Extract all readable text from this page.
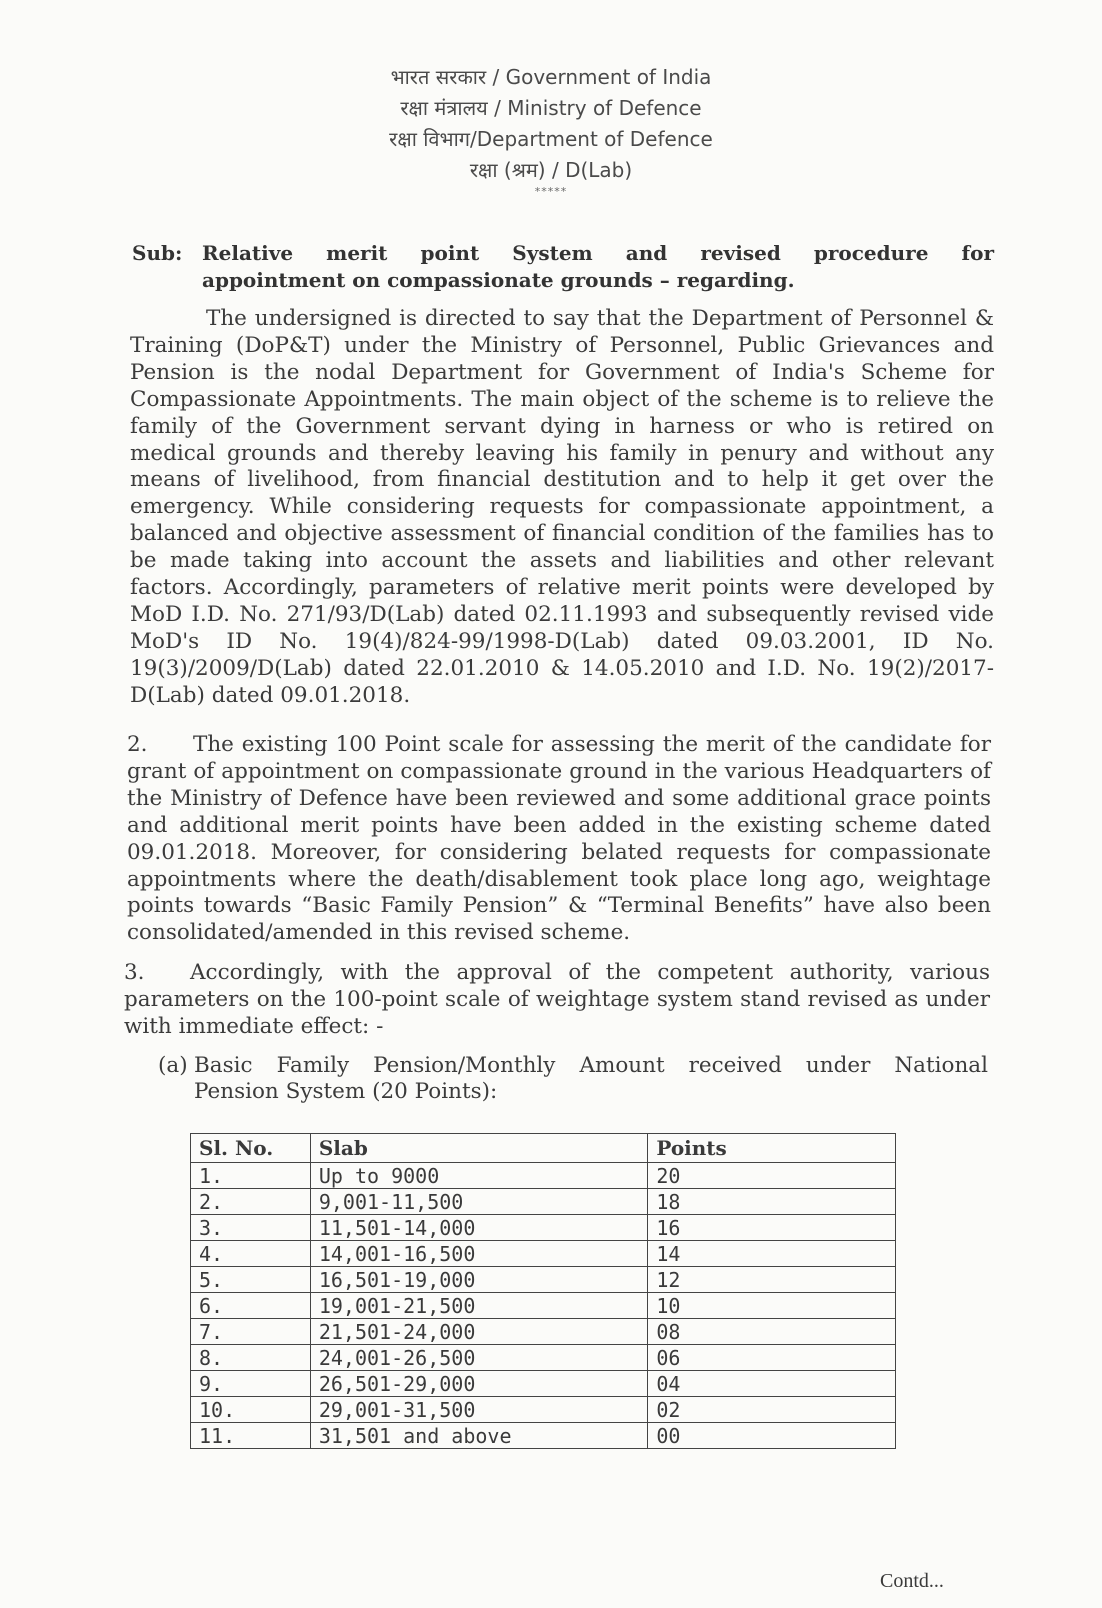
भारत सरकार / Government of India
रक्षा मंत्रालय / Ministry of Defence
रक्षा विभाग/Department of Defence
रक्षा (श्रम) / D(Lab)
*****
Sub: Relative merit point System and revised procedure for
appointment on compassionate grounds – regarding.
The undersigned is directed to say that the Department of Personnel & Training (DoP&T) under the Ministry of Personnel, Public Grievances and Pension is the nodal Department for Government of India's Scheme for Compassionate Appointments. The main object of the scheme is to relieve the family of the Government servant dying in harness or who is retired on medical grounds and thereby leaving his family in penury and without any means of livelihood, from financial destitution and to help it get over the emergency. While considering requests for compassionate appointment, a balanced and objective assessment of financial condition of the families has to be made taking into account the assets and liabilities and other relevant factors. Accordingly, parameters of relative merit points were developed by MoD I.D. No. 271/93/D(Lab) dated 02.11.1993 and subsequently revised vide MoD's ID No. 19(4)/824-99/1998-D(Lab) dated 09.03.2001, ID No. 19(3)/2009/D(Lab) dated 22.01.2010 & 14.05.2010 and I.D. No. 19(2)/2017-D(Lab) dated 09.01.2018.
2. The existing 100 Point scale for assessing the merit of the candidate for grant of appointment on compassionate ground in the various Headquarters of the Ministry of Defence have been reviewed and some additional grace points and additional merit points have been added in the existing scheme dated 09.01.2018. Moreover, for considering belated requests for compassionate appointments where the death/disablement took place long ago, weightage points towards “Basic Family Pension” & “Terminal Benefits” have also been consolidated/amended in this revised scheme.
3. Accordingly, with the approval of the competent authority, various parameters on the 100-point scale of weightage system stand revised as under with immediate effect: -
(a) Basic Family Pension/Monthly Amount received under National
Pension System (20 Points):
Sl. No.	Slab	Points
1.	Up to 9000	20
2.	9,001-11,500	18
3.	11,501-14,000	16
4.	14,001-16,500	14
5.	16,501-19,000	12
6.	19,001-21,500	10
7.	21,501-24,000	08
8.	24,001-26,500	06
9.	26,501-29,000	04
10.	29,001-31,500	02
11.	31,501 and above	00
Contd...
